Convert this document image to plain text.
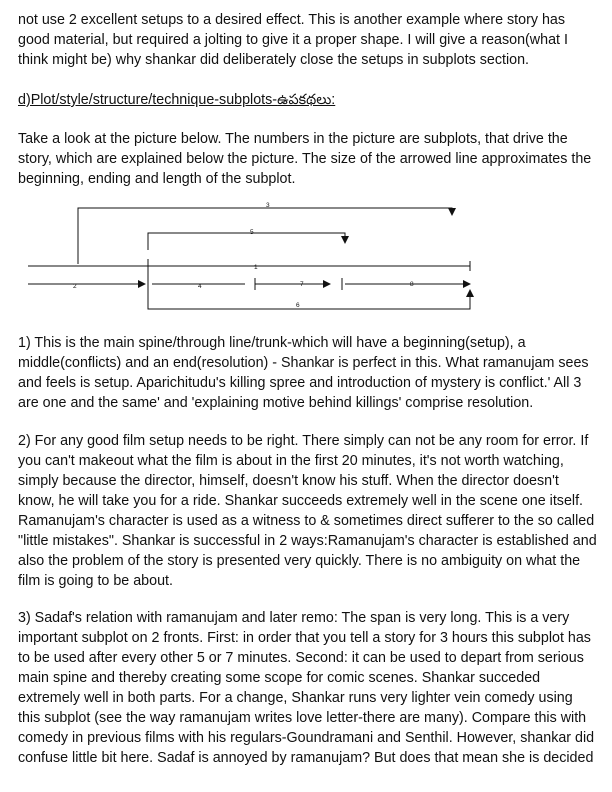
not use 2 excellent setups to a desired effect. This is another example where story has
good material, but required a jolting to give it a proper shape. I will give a reason(what I
think might be) why shankar did deliberately close the setups in subplots section.
d)Plot/style/structure/technique-subplots-ఉపకథలు:
Take a look at the picture below. The numbers in the picture are subplots, that drive the
story, which are explained below the picture. The size of the arrowed line approximates the
beginning, ending and length of the subplot.
3
5
1
2	4	7	8
6
1) This is the main spine/through line/trunk-which will have a beginning(setup), a
middle(conflicts) and an end(resolution) - Shankar is perfect in this. What ramanujam sees
and feels is setup. Aparichitudu's killing spree and introduction of mystery is conflict.' All 3
are one and the same' and 'explaining motive behind killings' comprise resolution.
2) For any good film setup needs to be right. There simply can not be any room for error. If
you can't makeout what the film is about in the first 20 minutes, it's not worth watching,
simply because the director, himself, doesn't know his stuff. When the director doesn't
know, he will take you for a ride. Shankar succeeds extremely well in the scene one itself.
Ramanujam's character is used as a witness to & sometimes direct sufferer to the so called
"little mistakes". Shankar is successful in 2 ways:Ramanujam's character is established and
also the problem of the story is presented very quickly. There is no ambiguity on what the
film is going to be about.
3) Sadaf's relation with ramanujam and later remo: The span is very long. This is a very
important subplot on 2 fronts. First: in order that you tell a story for 3 hours this subplot has
to be used after every other 5 or 7 minutes. Second: it can be used to depart from serious
main spine and thereby creating some scope for comic scenes. Shankar succeded
extremely well in both parts. For a change, Shankar runs very lighter vein comedy using
this subplot (see the way ramanujam writes love letter-there are many). Compare this with
comedy in previous films with his regulars-Goundramani and Senthil. However, shankar did
confuse little bit here. Sadaf is annoyed by ramanujam? But does that mean she is decided
